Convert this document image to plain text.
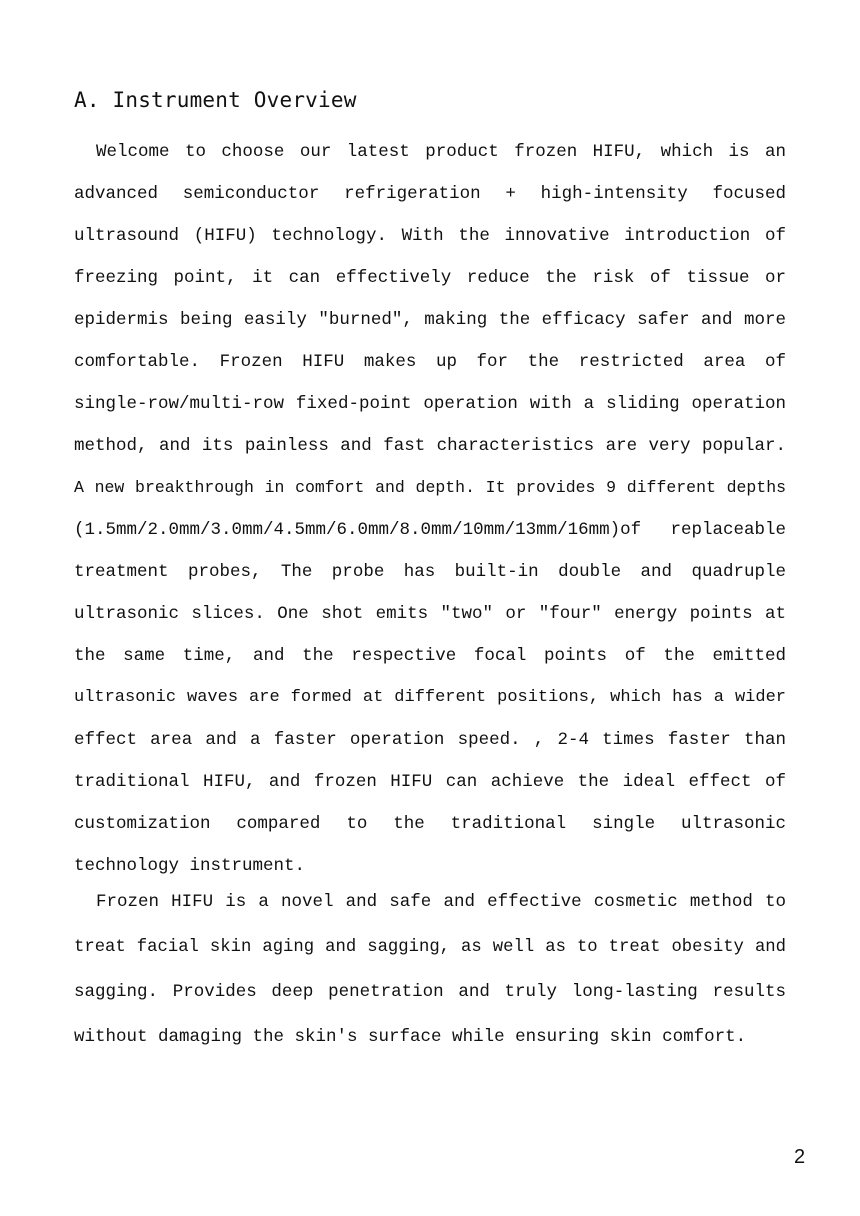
A. Instrument Overview

Welcome to choose our latest product frozen HIFU, which is an
advanced semiconductor refrigeration + high-intensity focused
ultrasound (HIFU) technology. With the innovative introduction of
freezing point, it can effectively reduce the risk of tissue or
epidermis being easily "burned", making the efficacy safer and more
comfortable. Frozen HIFU makes up for the restricted area of
single-row/multi-row fixed-point operation with a sliding operation
method, and its painless and fast characteristics are very popular.
A new breakthrough in comfort and depth. It provides 9 different depths
(1.5mm/2.0mm/3.0mm/4.5mm/6.0mm/8.0mm/10mm/13mm/16mm)of replaceable
treatment probes, The probe has built-in double and quadruple
ultrasonic slices. One shot emits "two" or "four" energy points at
the same time, and the respective focal points of the emitted
ultrasonic waves are formed at different positions, which has a wider
effect area and a faster operation speed. , 2-4 times faster than
traditional HIFU, and frozen HIFU can achieve the ideal effect of
customization compared to the traditional single ultrasonic
technology instrument.

Frozen HIFU is a novel and safe and effective cosmetic method to
treat facial skin aging and sagging, as well as to treat obesity and
sagging. Provides deep penetration and truly long-lasting results
without damaging the skin's surface while ensuring skin comfort.

2
